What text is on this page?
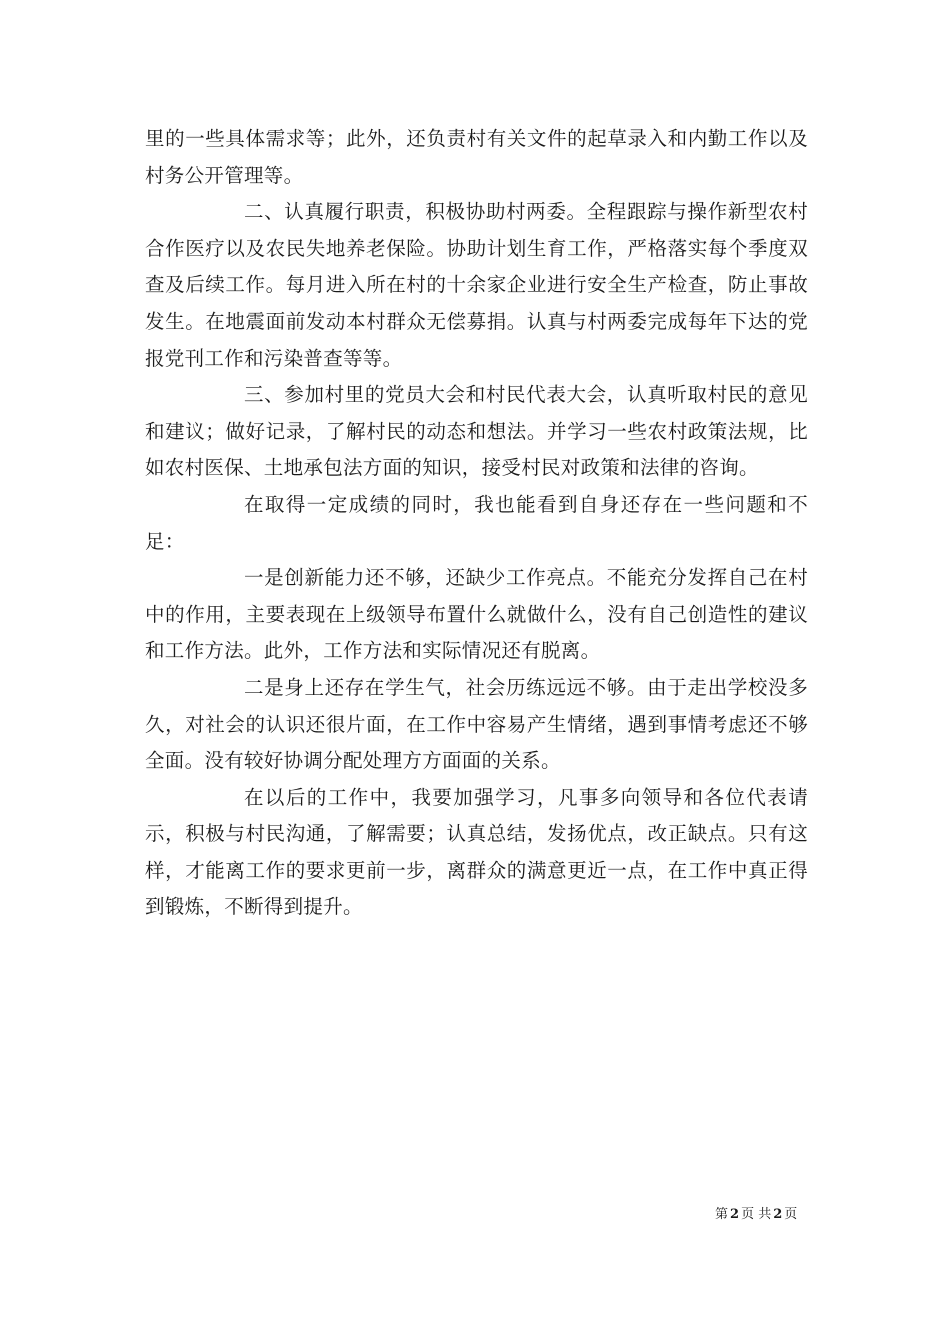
里的一些具体需求等；此外，还负责村有关文件的起草录入和内勤工作以及村务公开管理等。

二、认真履行职责，积极协助村两委。全程跟踪与操作新型农村合作医疗以及农民失地养老保险。协助计划生育工作，严格落实每个季度双查及后续工作。每月进入所在村的十余家企业进行安全生产检查，防止事故发生。在地震面前发动本村群众无偿募捐。认真与村两委完成每年下达的党报党刊工作和污染普查等等。

三、参加村里的党员大会和村民代表大会，认真听取村民的意见和建议；做好记录，了解村民的动态和想法。并学习一些农村政策法规，比如农村医保、土地承包法方面的知识，接受村民对政策和法律的咨询。

在取得一定成绩的同时，我也能看到自身还存在一些问题和不足：

一是创新能力还不够，还缺少工作亮点。不能充分发挥自己在村中的作用，主要表现在上级领导布置什么就做什么，没有自己创造性的建议和工作方法。此外，工作方法和实际情况还有脱离。

二是身上还存在学生气，社会历练远远不够。由于走出学校没多久，对社会的认识还很片面，在工作中容易产生情绪，遇到事情考虑还不够全面。没有较好协调分配处理方方面面的关系。

在以后的工作中，我要加强学习，凡事多向领导和各位代表请示，积极与村民沟通，了解需要；认真总结，发扬优点，改正缺点。只有这样，才能离工作的要求更前一步，离群众的满意更近一点，在工作中真正得到锻炼，不断得到提升。

第 2 页 共 2 页
